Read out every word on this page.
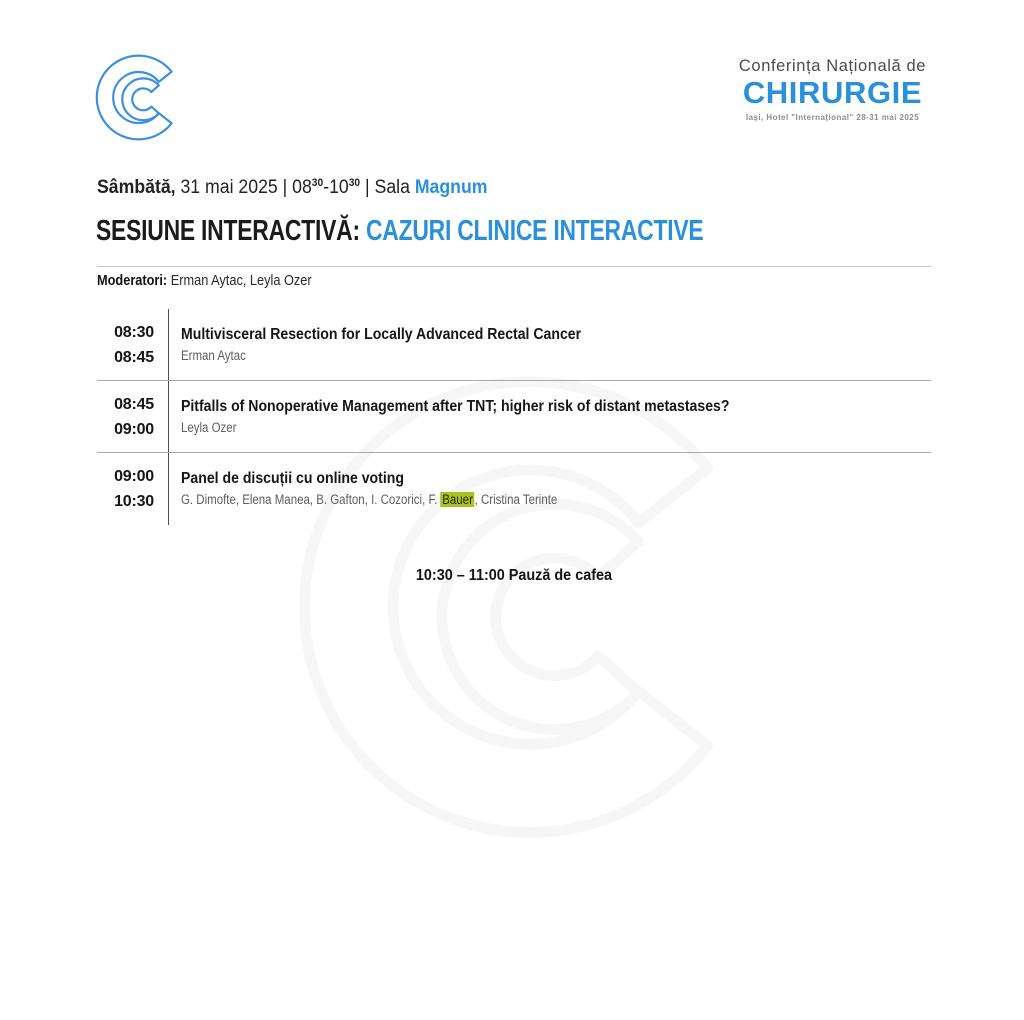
Conferința Națională de
CHIRURGIE
Iași, Hotel "Internațional" 28-31 mai 2025
Sâmbătă, 31 mai 2025 | $08^{30}-10^{30}$ | Sala Magnum
SESIUNE INTERACTIVĂ: CAZURI CLINICE INTERACTIVE
Moderatori: Erman Aytac, Leyla Ozer
08:30
08:45
Multivisceral Resection for Locally Advanced Rectal Cancer
Erman Aytac
08:45
09:00
Pitfalls of Nonoperative Management after TNT; higher risk of distant metastases?
Leyla Ozer
09:00
10:30
Panel de discuții cu online voting
G. Dimofte, Elena Manea, B. Gafton, I. Cozorici, F. Bauer , Cristina Terinte
10:30 – 11:00 Pauză de cafea
